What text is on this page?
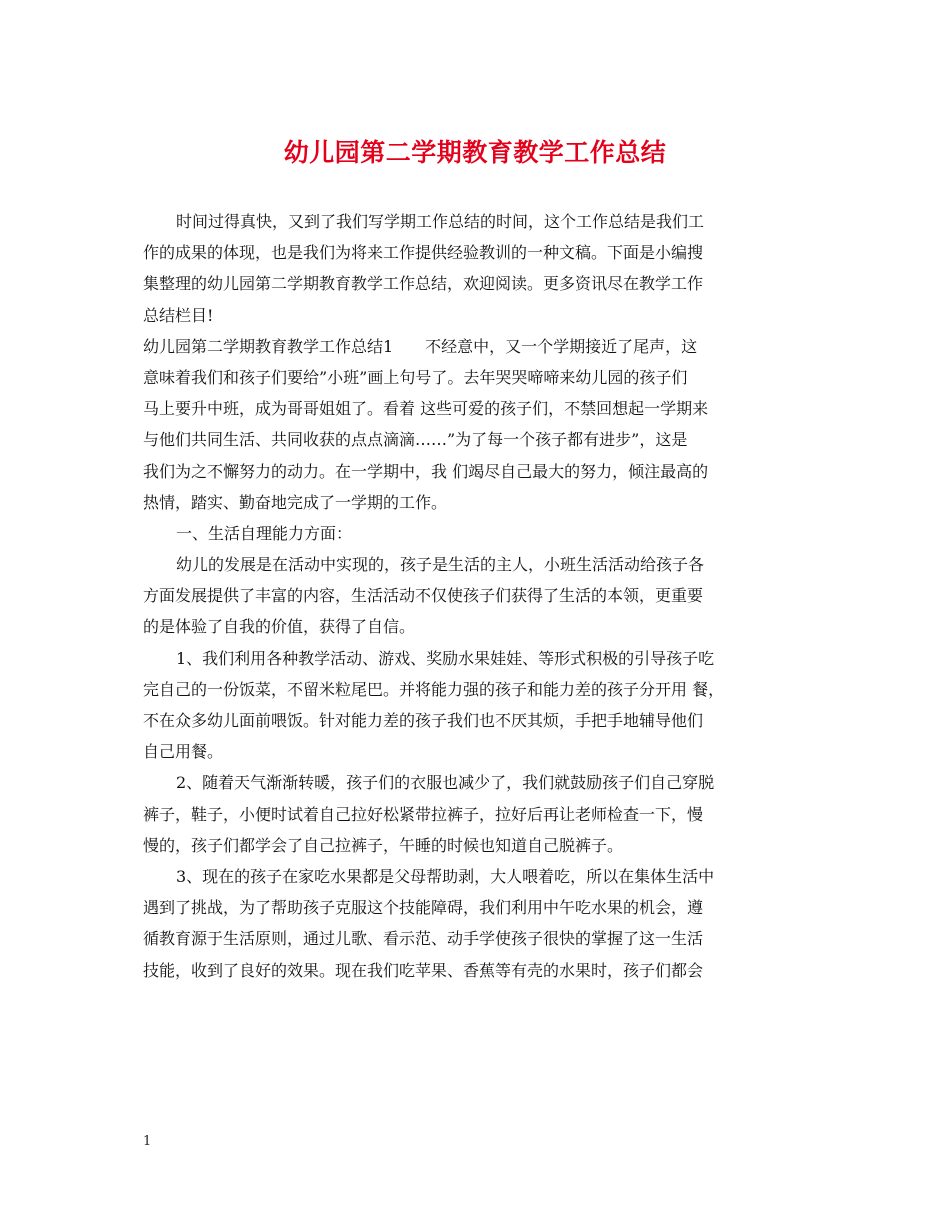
幼儿园第二学期教育教学工作总结
时间过得真快，又到了我们写学期工作总结的时间，这个工作总结是我们工
作的成果的体现，也是我们为将来工作提供经验教训的一种文稿。下面是小编搜
集整理的幼儿园第二学期教育教学工作总结，欢迎阅读。更多资讯尽在教学工作
总结栏目!
幼儿园第二学期教育教学工作总结1　　不经意中，又一个学期接近了尾声，这
意味着我们和孩子们要给”小班”画上句号了。去年哭哭啼啼来幼儿园的孩子们
马上要升中班，成为哥哥姐姐了。看着 这些可爱的孩子们，不禁回想起一学期来
与他们共同生活、共同收获的点点滴滴……”为了每一个孩子都有进步”，这是
我们为之不懈努力的动力。在一学期中，我 们竭尽自己最大的努力，倾注最高的
热情，踏实、勤奋地完成了一学期的工作。
一、生活自理能力方面：
幼儿的发展是在活动中实现的，孩子是生活的主人，小班生活活动给孩子各
方面发展提供了丰富的内容，生活活动不仅使孩子们获得了生活的本领，更重要
的是体验了自我的价值，获得了自信。
1、我们利用各种教学活动、游戏、奖励水果娃娃、等形式积极的引导孩子吃
完自己的一份饭菜，不留米粒尾巴。并将能力强的孩子和能力差的孩子分开用 餐，
不在众多幼儿面前喂饭。针对能力差的孩子我们也不厌其烦，手把手地辅导他们
自己用餐。
2、随着天气渐渐转暖，孩子们的衣服也减少了，我们就鼓励孩子们自己穿脱
裤子，鞋子，小便时试着自己拉好松紧带拉裤子，拉好后再让老师检查一下，慢
慢的，孩子们都学会了自己拉裤子，午睡的时候也知道自己脱裤子。
3、现在的孩子在家吃水果都是父母帮助剥，大人喂着吃，所以在集体生活中
遇到了挑战，为了帮助孩子克服这个技能障碍，我们利用中午吃水果的机会，遵
循教育源于生活原则，通过儿歌、看示范、动手学使孩子很快的掌握了这一生活
技能，收到了良好的效果。现在我们吃苹果、香蕉等有壳的水果时，孩子们都会
1
